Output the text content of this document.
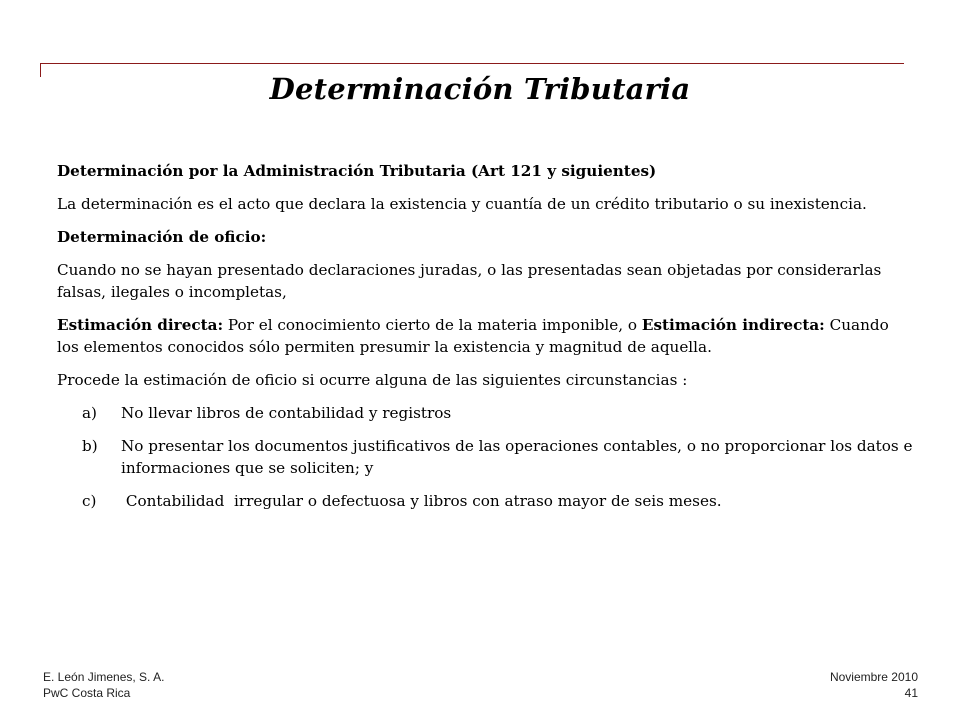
Determinación Tributaria

Determinación por la Administración Tributaria (Art 121 y siguientes)

La determinación es el acto que declara la existencia y cuantía de un crédito tributario o su inexistencia.

Determinación de oficio:

Cuando no se hayan presentado declaraciones juradas, o las presentadas sean objetadas por considerarlas falsas, ilegales o incompletas,

Estimación directa: Por el conocimiento cierto de la materia imponible, o Estimación indirecta: Cuando los elementos conocidos sólo permiten presumir la existencia y magnitud de aquella.

Procede la estimación de oficio si ocurre alguna de las siguientes circunstancias :

a) No llevar libros de contabilidad y registros
b) No presentar los documentos justificativos de las operaciones contables, o no proporcionar los datos e informaciones que se soliciten; y
c) Contabilidad  irregular o defectuosa y libros con atraso mayor de seis meses.
E. León Jimenes, S. A.
PwC Costa Rica
Noviembre 2010
41
